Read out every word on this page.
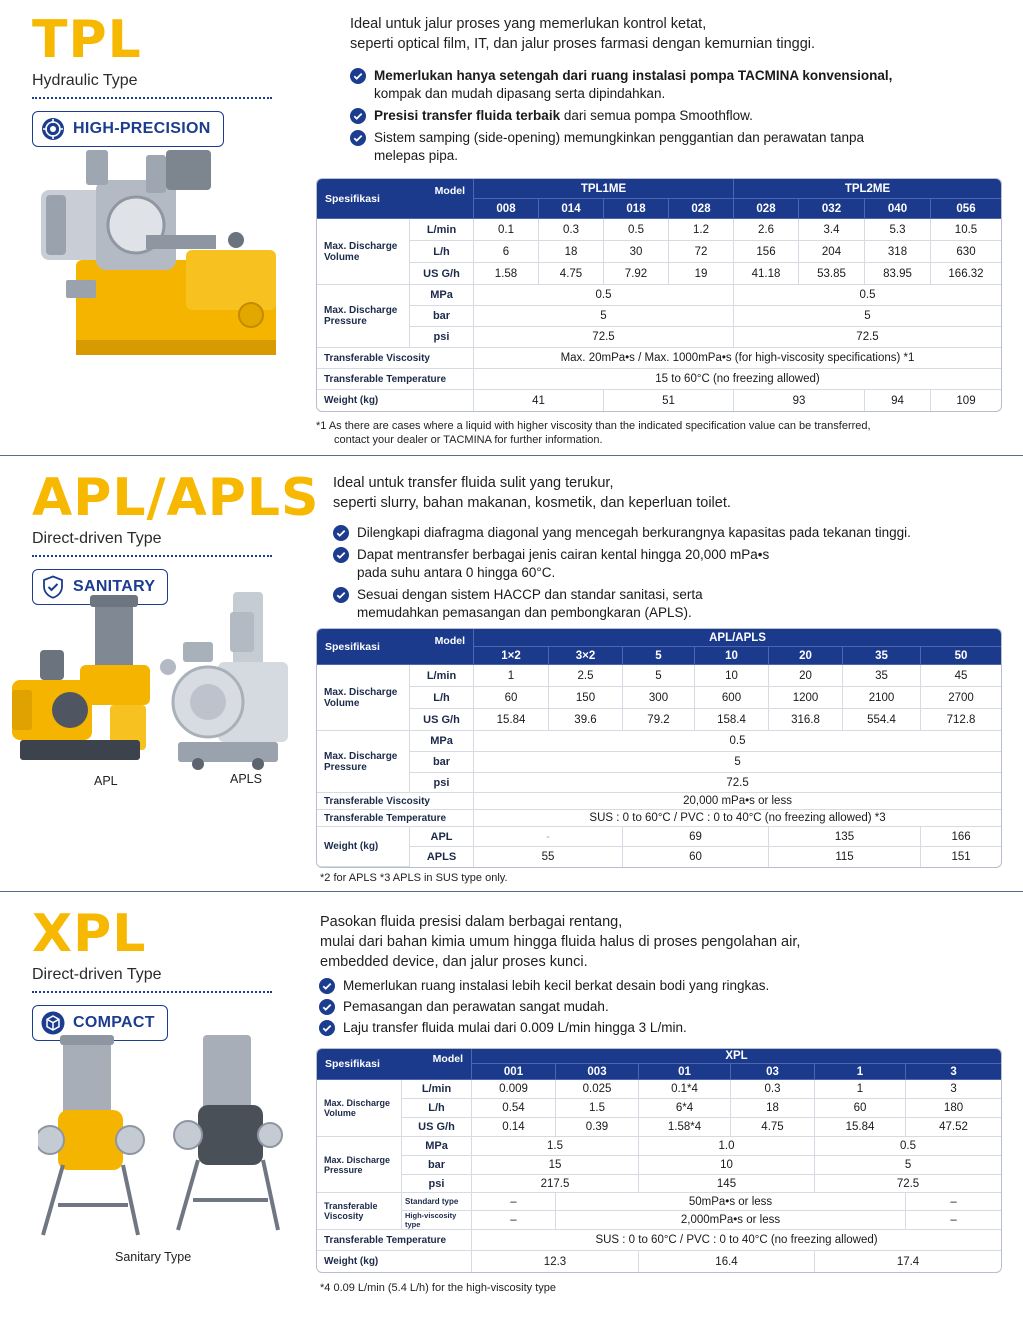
TPL
Hydraulic Type
HIGH-PRECISION
Ideal untuk jalur proses yang memerlukan kontrol ketat,
seperti optical film, IT, dan jalur proses farmasi dengan kemurnian tinggi.
Memerlukan hanya setengah dari ruang instalasi pompa TACMINA konvensional,
kompak dan mudah dipasang serta dipindahkan.
Presisi transfer fluida terbaik dari semua pompa Smoothflow.
Sistem samping (side-opening) memungkinkan penggantian dan perawatan tanpa melepas pipa.
Spesifikasi	Model	TPL1ME				TPL2ME			
		008	014	018	028	028	032	040	056
Max. Discharge Volume	L/min	0.1	0.3	0.5	1.2	2.6	3.4	5.3	10.5
	L/h	6	18	30	72	156	204	318	630
	US G/h	1.58	4.75	7.92	19	41.18	53.85	83.95	166.32
Max. Discharge Pressure	MPa	0.5				0.5			
	bar	5				5			
	psi	72.5				72.5			
Transferable Viscosity		Max. 20mPa•s / Max. 1000mPa•s (for high-viscosity specifications) *1							
Transferable Temperature		15 to 60°C (no freezing allowed)							
Weight (kg)		41		51		93		94	109
*1 As there are cases where a liquid with higher viscosity than the indicated specification value can be transferred,
contact your dealer or TACMINA for further information.
APL/APLS
Direct-driven Type
SANITARY
APL	APLS
Ideal untuk transfer fluida sulit yang terukur,
seperti slurry, bahan makanan, kosmetik, dan keperluan toilet.
Dilengkapi diafragma diagonal yang mencegah berkurangnya kapasitas pada tekanan tinggi.
Dapat mentransfer berbagai jenis cairan kental hingga 20,000 mPa•s pada suhu antara 0 hingga 60°C.
Sesuai dengan sistem HACCP dan standar sanitasi, serta memudahkan pemasangan dan pembongkaran (APLS).
Spesifikasi	Model	APL/APLS						
		1×2	3×2	5	10	20	35	50
Max. Discharge Volume	L/min	1	2.5	5	10	20	35	45
	L/h	60	150	300	600	1200	2100	2700
	US G/h	15.84	39.6	79.2	158.4	316.8	554.4	712.8
Max. Discharge Pressure	MPa	0.5						
	bar	5						
	psi	72.5						
Transferable Viscosity		20,000 mPa•s or less						
Transferable Temperature		SUS : 0 to 60°C / PVC : 0 to 40°C (no freezing allowed) *3						
Weight (kg)	APL	-		69		135		166
	APLS	55		60		115		151
*2 for APLS *3 APLS in SUS type only.
XPL
Direct-driven Type
COMPACT
Sanitary Type
Pasokan fluida presisi dalam berbagai rentang,
mulai dari bahan kimia umum hingga fluida halus di proses pengolahan air,
embedded device, dan jalur proses kunci.
Memerlukan ruang instalasi lebih kecil berkat desain bodi yang ringkas.
Pemasangan dan perawatan sangat mudah.
Laju transfer fluida mulai dari 0.009 L/min hingga 3 L/min.
Spesifikasi	Model	XPL					
		001	003	01	03	1	3
Max. Discharge Volume	L/min	0.009	0.025	0.1*4	0.3	1	3
	L/h	0.54	1.5	6*4	18	60	180
	US G/h	0.14	0.39	1.58*4	4.75	15.84	47.52
Max. Discharge Pressure	MPa	1.5		1.0		0.5	
	bar	15		10		5	
	psi	217.5		145		72.5	
Transferable Viscosity	Standard type	–	50mPa•s or less				–
	High-viscosity type	–	2,000mPa•s or less				–
Transferable Temperature		SUS : 0 to 60°C / PVC : 0 to 40°C (no freezing allowed)					
Weight (kg)		12.3		16.4		17.4	
*4 0.09 L/min (5.4 L/h) for the high-viscosity type
